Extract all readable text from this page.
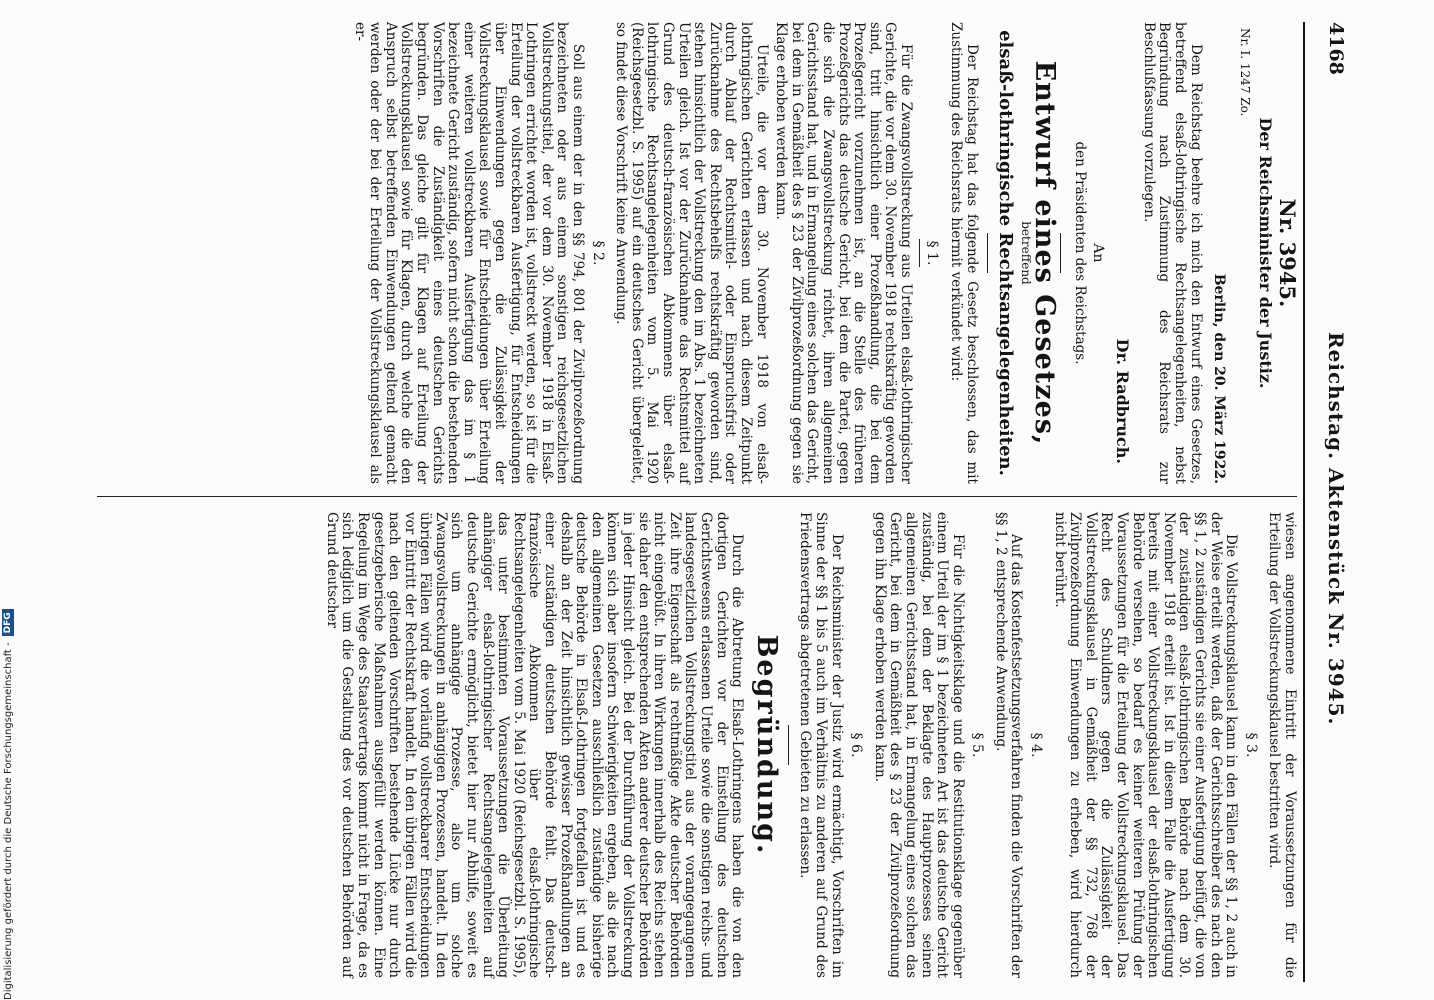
4168
Reichstag. Aktenstück Nr. 3945.
Nr. 3945.
Der Reichsminister der Justiz.
Nr. I. 1247 Zo.
Berlin, den 20. März 1922.

Dem Reichstag beehre ich mich den Entwurf eines Gesetzes, betreffend elsaß-lothringische Rechtsangelegenheiten, nebst Begründung nach Zustimmung des Reichsrats zur Beschlußfassung vorzulegen.

Dr. Radbruch.
An
den Präsidenten des Reichstags.
Entwurf eines Gesetzes,
betreffend
elsaß-lothringische Rechtsangelegenheiten.

Der Reichstag hat das folgende Gesetz beschlossen, das mit Zustimmung des Reichsrats hiermit verkündet wird:

§ 1.

Für die Zwangsvollstreckung aus Urteilen elsaß-lothringischer Gerichte, die vor dem 30. November 1918 rechtskräftig geworden sind, tritt hinsichtlich einer Prozeßhandlung, die bei dem Prozeßgericht vorzunehmen ist, an die Stelle des früheren Prozeßgerichts das deutsche Gericht, bei dem die Partei, gegen die sich die Zwangsvollstreckung richtet, ihren allgemeinen Gerichtsstand hat, und in Ermangelung eines solchen das Gericht, bei dem in Gemäßheit des § 23 der Zivilprozeßordnung gegen sie Klage erhoben werden kann.

Urteile, die vor dem 30. November 1918 von elsaß-lothringischen Gerichten erlassen und nach diesem Zeitpunkt durch Ablauf der Rechtsmittel- oder Einspruchsfrist oder Zurücknahme des Rechtsbehelfs rechtskräftig geworden sind, stehen hinsichtlich der Vollstreckung den im Abs. 1 bezeichneten Urteilen gleich. Ist vor der Zurücknahme das Rechtsmittel auf Grund des deutsch-französischen Abkommens über elsaß-lothringische Rechtsangelegenheiten vom 5. Mai 1920 (Reichsgesetzbl. S. 1995) auf ein deutsches Gericht übergeleitet, so findet diese Vorschrift keine Anwendung.

§ 2.

Soll aus einem der in den §§ 794, 801 der Zivilprozeßordnung bezeichneten oder aus einem sonstigen reichsgesetzlichen Vollstreckungstitel, der vor dem 30. November 1918 in Elsaß-Lothringen errichtet worden ist, vollstreckt werden, so ist für die Erteilung der vollstreckbaren Ausfertigung, für Entscheidungen über Einwendungen gegen die Zulässigkeit der Vollstreckungsklausel sowie für Entscheidungen über Erteilung einer weiteren vollstreckbaren Ausfertigung das im § 1 bezeichnete Gericht zuständig, sofern nicht schon die bestehenden Vorschriften die Zuständigkeit eines deutschen Gerichts begründen. Das gleiche gilt für Klagen auf Erteilung der Vollstreckungsklausel sowie für Klagen, durch welche die den Anspruch selbst betreffenden Einwendungen geltend gemacht werden oder der bei der Erteilung der Vollstreckungsklausel als er-

wiesen angenommene Eintritt der Voraussetzungen für die Erteilung der Vollstreckungsklausel bestritten wird.

§ 3.

Die Vollstreckungsklausel kann in den Fällen der §§ 1, 2 auch in der Weise erteilt werden, daß der Gerichtsschreiber des nach den §§ 1, 2 zuständigen Gerichts sie einer Ausfertigung beifügt, die von der zuständigen elsaß-lothringischen Behörde nach dem 30. November 1918 erteilt ist. Ist in diesem Falle die Ausfertigung bereits mit einer Vollstreckungsklausel der elsaß-lothringischen Behörde versehen, so bedarf es keiner weiteren Prüfung der Voraussetzungen für die Erteilung der Vollstreckungsklausel. Das Recht des Schuldners gegen die Zulässigkeit der Vollstreckungsklausel in Gemäßheit der §§ 732, 768 der Zivilprozeßordnung Einwendungen zu erheben, wird hierdurch nicht berührt.

§ 4.

Auf das Kostenfestsetzungsverfahren finden die Vorschriften der §§ 1, 2 entsprechende Anwendung.

§ 5.

Für die Nichtigkeitsklage und die Restitutionsklage gegenüber einem Urteil der im § 1 bezeichneten Art ist das deutsche Gericht zuständig, bei dem der Beklagte des Hauptprozesses seinen allgemeinen Gerichtsstand hat, in Ermangelung eines solchen das Gericht, bei dem in Gemäßheit des § 23 der Zivilprozeßordnung gegen ihn Klage erhoben werden kann.

§ 6.

Der Reichsminister der Justiz wird ermächtigt, Vorschriften im Sinne der §§ 1 bis 5 auch im Verhältnis zu anderen auf Grund des Friedensvertrags abgetretenen Gebieten zu erlassen.

Begründung.

Durch die Abtretung Elsaß-Lothringens haben die von den dortigen Gerichten vor der Einstellung des deutschen Gerichtswesens erlassenen Urteile sowie die sonstigen reichs- und landesgesetzlichen Vollstreckungstitel aus der vorangegangenen Zeit ihre Eigenschaft als rechtmäßige Akte deutscher Behörden nicht eingebüßt. In ihren Wirkungen innerhalb des Reichs stehen sie daher den entsprechenden Akten anderer deutscher Behörden in jeder Hinsicht gleich. Bei der Durchführung der Vollstreckung können sich aber insofern Schwierigkeiten ergeben, als die nach den allgemeinen Gesetzen ausschließlich zuständige bisherige deutsche Behörde in Elsaß-Lothringen fortgefallen ist und es deshalb an der Zeit hinsichtlich gewisser Prozeßhandlungen an einer zuständigen deutschen Behörde fehlt. Das deutsch-französische Abkommen über elsaß-lothringische Rechtsangelegenheiten vom 5. Mai 1920 (Reichsgesetzbl. S. 1995), das unter bestimmten Voraussetzungen die Überleitung anhängiger elsaß-lothringischer Rechtsangelegenheiten auf deutsche Gerichte ermöglicht, bietet hier nur Abhilfe, soweit es sich um anhängige Prozesse, also um solche Zwangsvollstreckungen in anhängigen Prozessen, handelt. In den übrigen Fällen wird die vorläufig vollstreckbarer Entscheidungen vor Eintritt der Rechtskraft handelt. In den übrigen Fällen wird die nach den geltenden Vorschriften bestehende Lücke nur durch gesetzgeberische Maßnahmen ausgefüllt werden können. Eine Regelung im Wege des Staatsvertrags kommt nicht in Frage, da es sich lediglich um die Gestaltung des vor deutschen Behörden auf Grund deutscher

Digitalisierung gefördert durch die Deutsche Forschungsgemeinschaft -
DFG
